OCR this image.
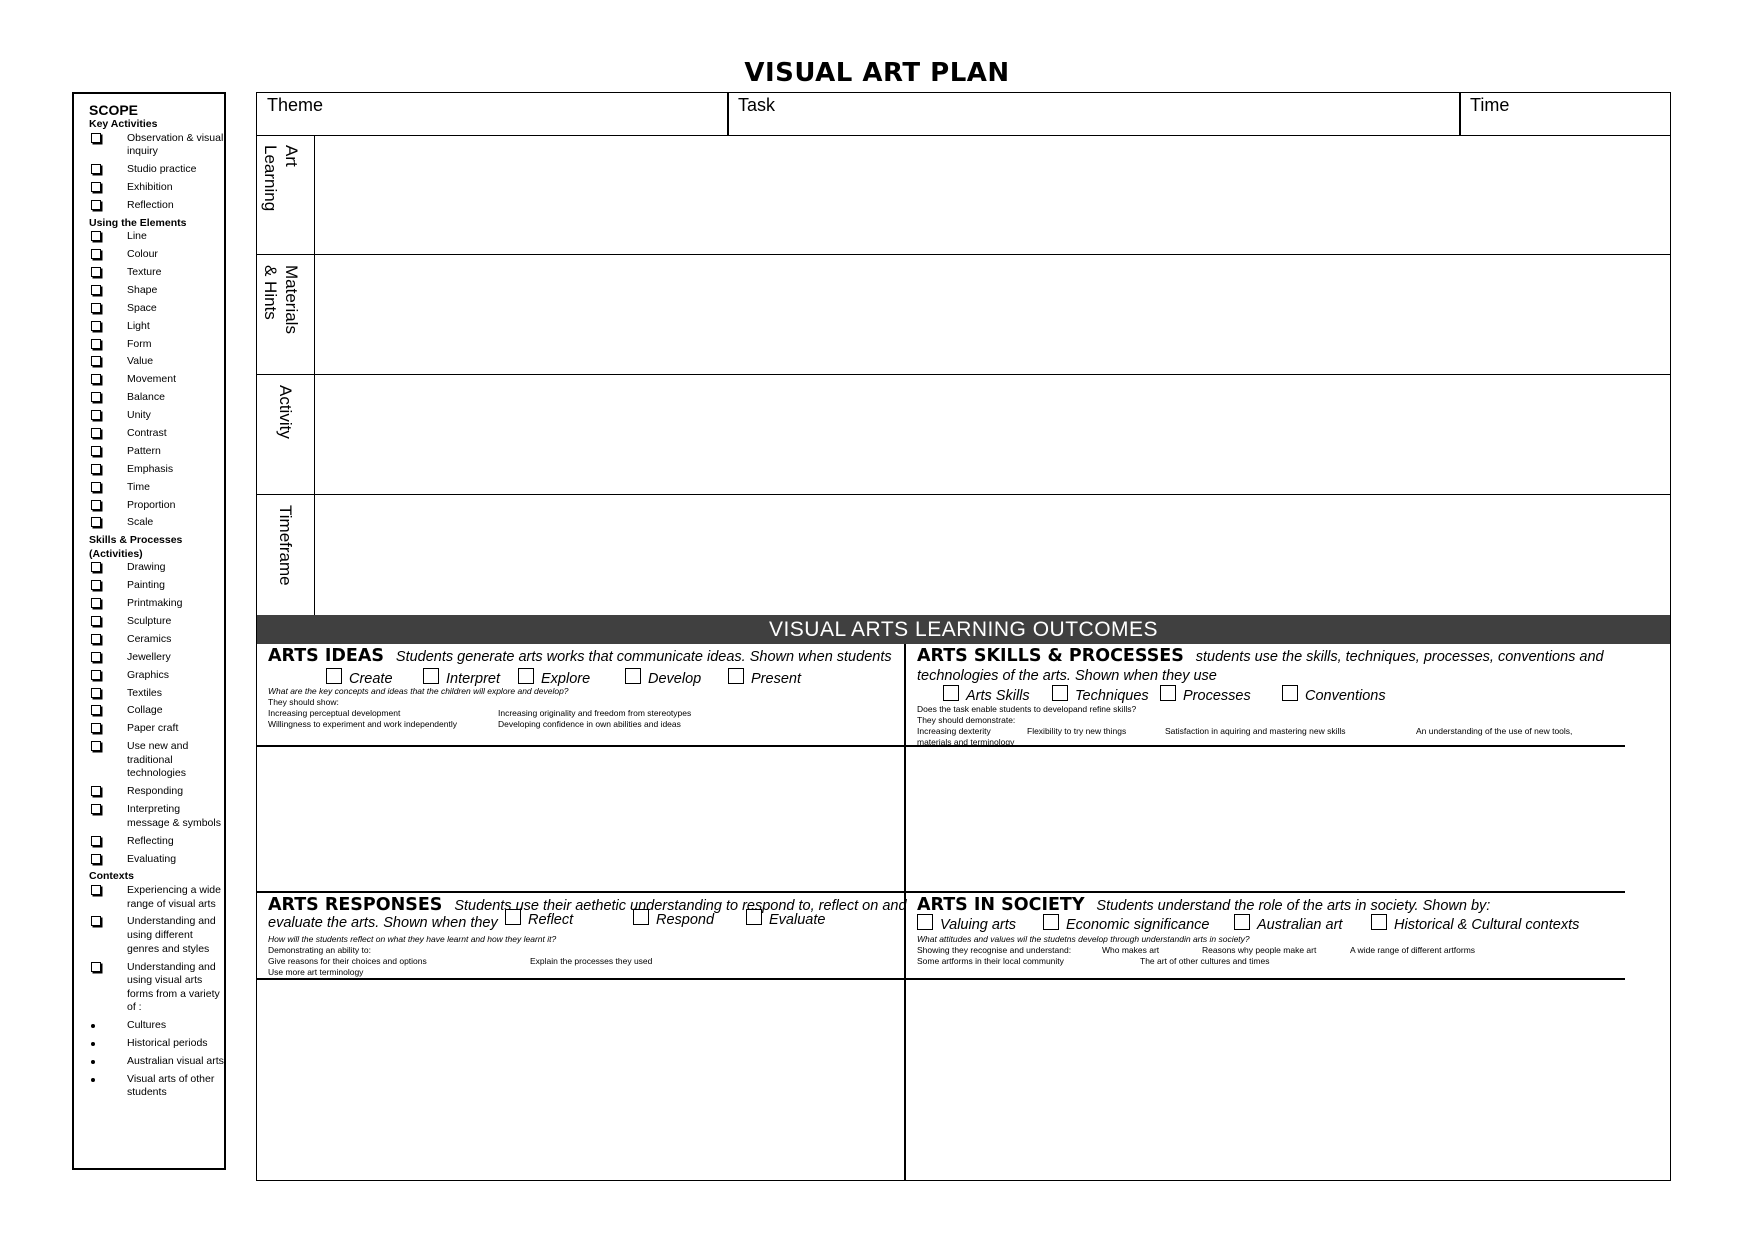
VISUAL ART PLAN
SCOPE
Key Activities
Observation & visual inquiry
Studio practice
Exhibition
Reflection
Using the Elements
Line
Colour
Texture
Shape
Space
Light
Form
Value
Movement
Balance
Unity
Contrast
Pattern
Emphasis
Time
Proportion
Scale
Skills & Processes (Activities)
Drawing
Painting
Printmaking
Sculpture
Ceramics
Jewellery
Graphics
Textiles
Collage
Paper craft
Use new and traditional technologies
Responding
Interpreting message & symbols
Reflecting
Evaluating
Contexts
Experiencing a wide range of visual arts
Understanding and using different genres and styles
Understanding and using visual arts forms from a variety of :
Cultures
Historical periods
Australian visual arts
Visual arts of other students
Theme	Task	Time
Art
Learning
Materials
& Hints
Activity
Timeframe
VISUAL ARTS LEARNING OUTCOMES
ARTS IDEAS Students generate arts works that communicate ideas. Shown when students
Create	Interpret	Explore	Develop	Present
What are the key concepts and ideas that the children will explore and develop?
They should show:
Increasing perceptual development	Increasing originality and freedom from stereotypes
Willingness to experiment and work independently	Developing confidence in own abilities and ideas
ARTS SKILLS & PROCESSES students use the skills, techniques, processes, conventions and
technologies of the arts. Shown when they use
Arts Skills	Techniques	Processes	Conventions
Does the task enable students to developand refine skills?
They should demonstrate:
Increasing dexterity	Flexibility to try new things	Satisfaction in aquiring and mastering new skills	An understanding of the use of new tools,
materials and terminology
ARTS RESPONSES Students use their aethetic understanding to respond to, reflect on and
evaluate the arts. Shown when they	Reflect	Respond	Evaluate
How will the students reflect on what they have learnt and how they learnt it?
Demonstrating an ability to:
Give reasons for their choices and options	Explain the processes they used
Use more art terminology
ARTS IN SOCIETY Students understand the role of the arts in society. Shown by:
Valuing arts	Economic significance	Australian art	Historical & Cultural contexts
What attitudes and values wil the studetns develop through understandin arts in society?
Showing they recognise and understand:	Who makes art	Reasons why people make art	A wide range of different artforms
Some artforms in their local community	The art of other cultures and times
